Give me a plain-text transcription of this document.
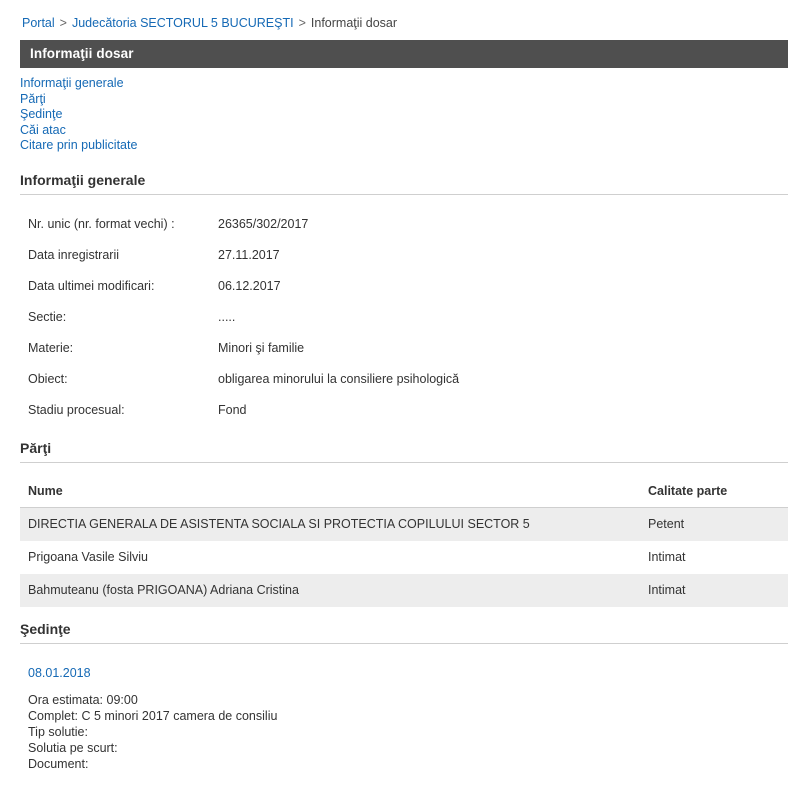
Portal > Judecătoria SECTORUL 5 BUCUREŞTI > Informaţii dosar
Informaţii dosar
Informaţii generale
Părţi
Şedinţe
Căi atac
Citare prin publicitate
Informaţii generale
Nr. unic (nr. format vechi) :	26365/302/2017
Data inregistrarii	27.11.2017
Data ultimei modificari:	06.12.2017
Sectie:	.....
Materie:	Minori şi familie
Obiect:	obligarea minorului la consiliere psihologică
Stadiu procesual:	Fond
Părţi
Nume	Calitate parte
DIRECTIA GENERALA DE ASISTENTA SOCIALA SI PROTECTIA COPILULUI SECTOR 5	Petent
Prigoana Vasile Silviu	Intimat
Bahmuteanu (fosta PRIGOANA) Adriana Cristina	Intimat
Şedinţe
08.01.2018
Ora estimata: 09:00
Complet: C 5 minori 2017 camera de consiliu
Tip solutie:
Solutia pe scurt:
Document:
